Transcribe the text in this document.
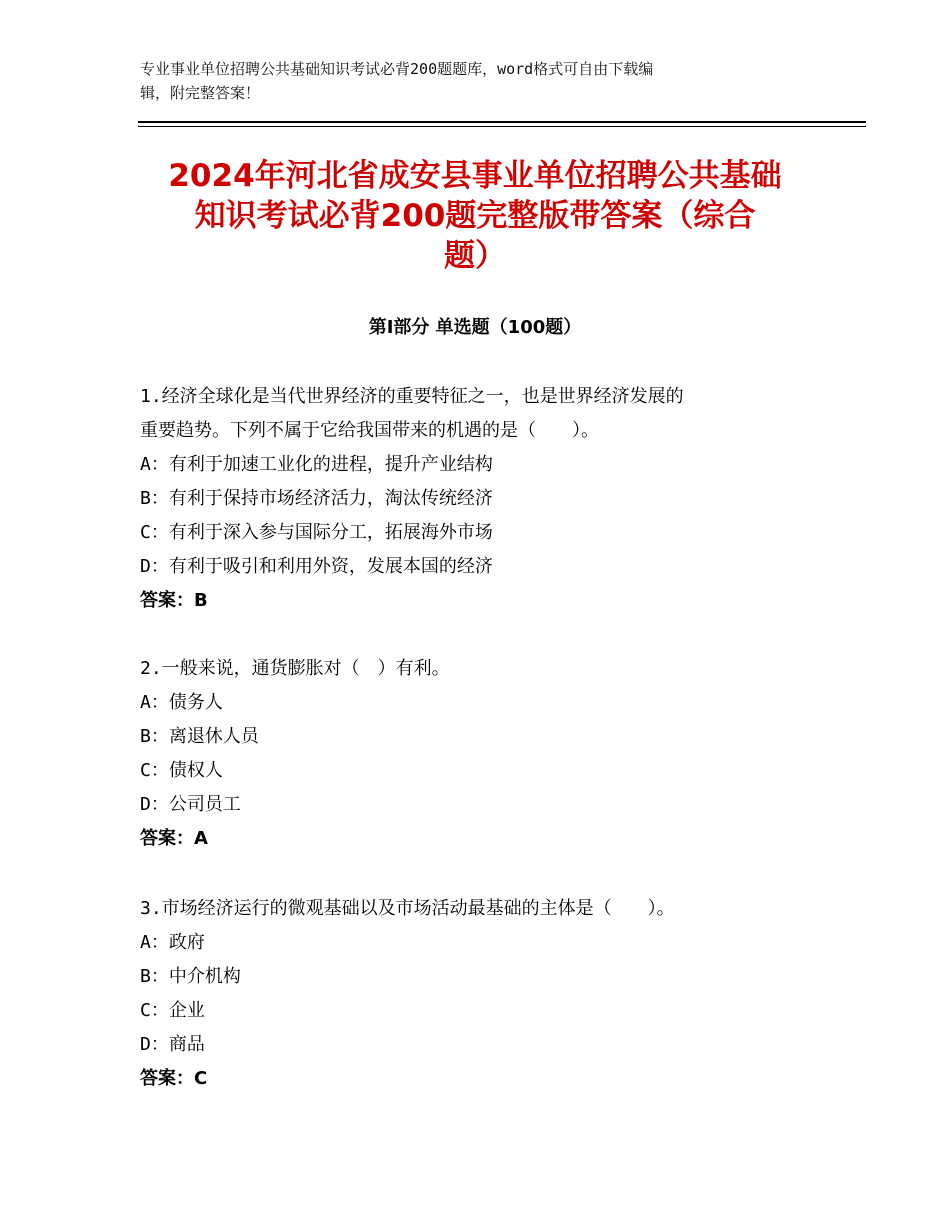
专业事业单位招聘公共基础知识考试必背200题题库，word格式可自由下载编
辑，附完整答案！
2024年河北省成安县事业单位招聘公共基础
知识考试必背200题完整版带答案（综合
题）
第Ⅰ部分 单选题（100题）
1.经济全球化是当代世界经济的重要特征之一，也是世界经济发展的
重要趋势。下列不属于它给我国带来的机遇的是（　　）。
A：有利于加速工业化的进程，提升产业结构
B：有利于保持市场经济活力，淘汰传统经济
C：有利于深入参与国际分工，拓展海外市场
D：有利于吸引和利用外资，发展本国的经济
答案：B
2.一般来说，通货膨胀对（　）有利。
A：债务人
B：离退休人员
C：债权人
D：公司员工
答案：A
3.市场经济运行的微观基础以及市场活动最基础的主体是（　　）。
A：政府
B：中介机构
C：企业
D：商品
答案：C
